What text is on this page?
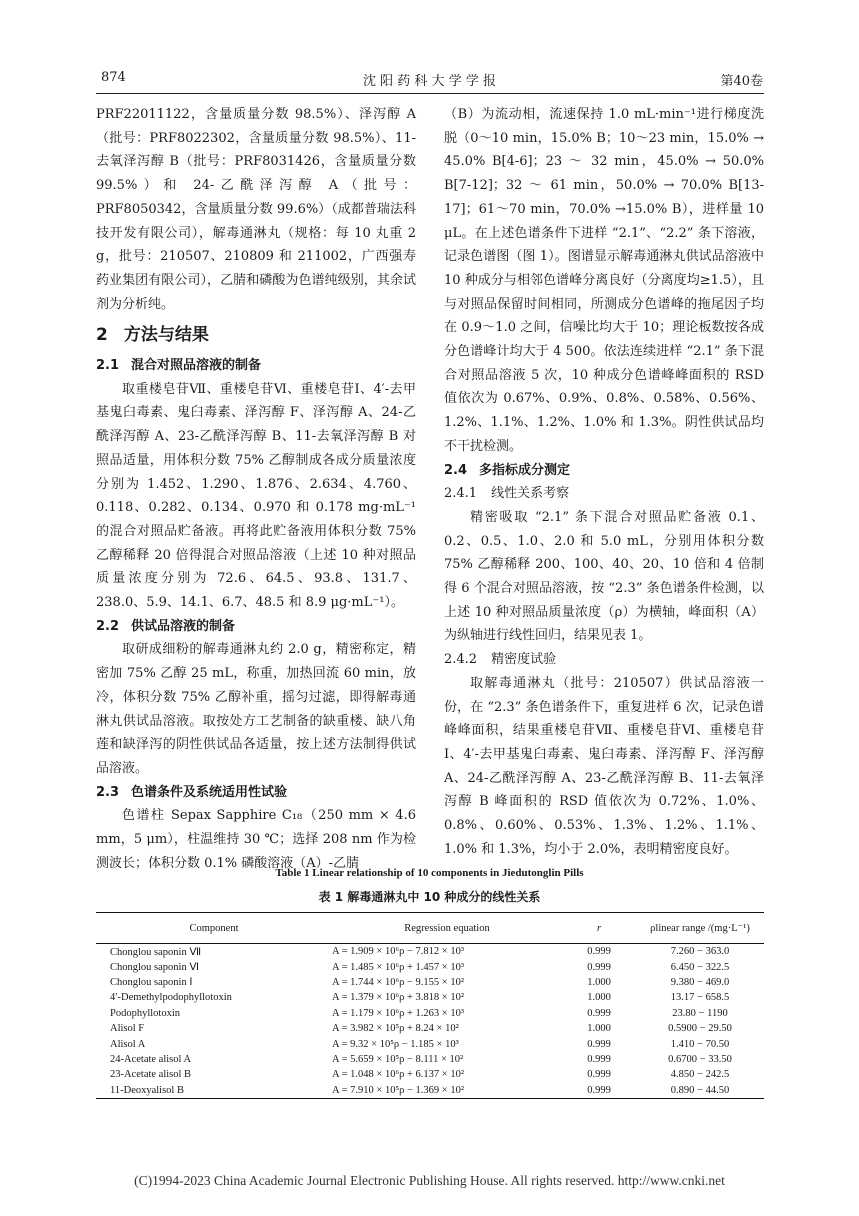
874	沈 阳 药 科 大 学 学 报	第40卷

PRF22011122，含量质量分数 98.5%）、泽泻醇 A（批号：PRF8022302，含量质量分数 98.5%）、11-去氧泽泻醇 B（批号：PRF8031426，含量质量分数 99.5%）和 24-乙酰泽泻醇 A（批号：PRF8050342，含量质量分数 99.6%）（成都普瑞法科技开发有限公司），解毒通淋丸（规格：每 10 丸重 2 g，批号：210507、210809 和 211002，广西强寿药业集团有限公司），乙腈和磷酸为色谱纯级别，其余试剂为分析纯。

2 方法与结果
2.1 混合对照品溶液的制备

取重楼皂苷Ⅶ、重楼皂苷Ⅵ、重楼皂苷Ⅰ、4′-去甲基鬼臼毒素、鬼臼毒素、泽泻醇 F、泽泻醇 A、24-乙酰泽泻醇 A、23-乙酰泽泻醇 B、11-去氧泽泻醇 B 对照品适量，用体积分数 75% 乙醇制成各成分质量浓度分别为 1.452、1.290、1.876、2.634、4.760、0.118、0.282、0.134、0.970 和 0.178 mg·mL⁻¹的混合对照品贮备液。再将此贮备液用体积分数 75% 乙醇稀释 20 倍得混合对照品溶液（上述 10 种对照品质量浓度分别为 72.6、64.5、93.8、131.7、238.0、5.9、14.1、6.7、48.5 和 8.9 μg·mL⁻¹）。

2.2 供试品溶液的制备

取研成细粉的解毒通淋丸约 2.0 g，精密称定，精密加 75% 乙醇 25 mL，称重，加热回流 60 min，放冷，体积分数 75% 乙醇补重，摇匀过滤，即得解毒通淋丸供试品溶液。取按处方工艺制备的缺重楼、缺八角莲和缺泽泻的阴性供试品各适量，按上述方法制得供试品溶液。

2.3 色谱条件及系统适用性试验

色谱柱 Sepax Sapphire C₁₈（250 mm × 4.6 mm，5 μm），柱温维持 30 ℃；选择 208 nm 作为检测波长；体积分数 0.1% 磷酸溶液（A）-乙腈

（B）为流动相，流速保持 1.0 mL·min⁻¹进行梯度洗脱（0～10 min，15.0% B；10～23 min，15.0% → 45.0% B[4-6]；23 ～ 32 min，45.0% → 50.0% B[7-12]；32 ～ 61 min，50.0% → 70.0% B[13-17]；61～70 min，70.0% →15.0% B），进样量 10 μL。在上述色谱条件下进样 “2.1”、“2.2” 条下溶液，记录色谱图（图 1）。图谱显示解毒通淋丸供试品溶液中 10 种成分与相邻色谱峰分离良好（分离度均≥1.5），且与对照品保留时间相同，所测成分色谱峰的拖尾因子均在 0.9～1.0 之间，信噪比均大于 10；理论板数按各成分色谱峰计均大于 4 500。依法连续进样 “2.1” 条下混合对照品溶液 5 次，10 种成分色谱峰峰面积的 RSD 值依次为 0.67%、0.9%、0.8%、0.58%、0.56%、1.2%、1.1%、1.2%、1.0% 和 1.3%。阴性供试品均不干扰检测。

2.4 多指标成分测定
2.4.1 线性关系考察

精密吸取 “2.1” 条下混合对照品贮备液 0.1、0.2、0.5、1.0、2.0 和 5.0 mL，分别用体积分数 75% 乙醇稀释 200、100、40、20、10 倍和 4 倍制得 6 个混合对照品溶液，按 “2.3” 条色谱条件检测，以上述 10 种对照品质量浓度（ρ）为横轴，峰面积（A）为纵轴进行线性回归，结果见表 1。

2.4.2 精密度试验

取解毒通淋丸（批号：210507）供试品溶液一份，在 “2.3” 条色谱条件下，重复进样 6 次，记录色谱峰峰面积，结果重楼皂苷Ⅶ、重楼皂苷Ⅵ、重楼皂苷Ⅰ、4′-去甲基鬼臼毒素、鬼臼毒素、泽泻醇 F、泽泻醇 A、24-乙酰泽泻醇 A、23-乙酰泽泻醇 B、11-去氧泽泻醇 B 峰面积的 RSD 值依次为 0.72%、1.0%、0.8%、0.60%、0.53%、1.3%、1.2%、1.1%、1.0% 和 1.3%，均小于 2.0%，表明精密度良好。

Table 1 Linear relationship of 10 components in Jiedutonglin Pills
表 1 解毒通淋丸中 10 种成分的线性关系
Component	Regression equation	r	ρlinear range /(mg·L⁻¹)
Chonglou saponin Ⅶ	A = 1.909 × 10⁶ρ − 7.812 × 10³	0.999	7.260 − 363.0
Chonglou saponin Ⅵ	A = 1.485 × 10⁶ρ + 1.457 × 10³	0.999	6.450 − 322.5
Chonglou saponin Ⅰ	A = 1.744 × 10⁶ρ − 9.155 × 10²	1.000	9.380 − 469.0
4′-Demethylpodophyllotoxin	A = 1.379 × 10⁶ρ + 3.818 × 10²	1.000	13.17 − 658.5
Podophyllotoxin	A = 1.179 × 10⁶ρ + 1.263 × 10³	0.999	23.80 − 1190
Alisol F	A = 3.982 × 10⁵ρ + 8.24 × 10²	1.000	0.5900 − 29.50
Alisol A	A = 9.32 × 10⁵ρ − 1.185 × 10³	0.999	1.410 − 70.50
24-Acetate alisol A	A = 5.659 × 10⁵ρ − 8.111 × 10²	0.999	0.6700 − 33.50
23-Acetate alisol B	A = 1.048 × 10⁶ρ + 6.137 × 10²	0.999	4.850 − 242.5
11-Deoxyalisol B	A = 7.910 × 10⁵ρ − 1.369 × 10²	0.999	0.890 − 44.50
(C)1994-2023 China Academic Journal Electronic Publishing House. All rights reserved. http://www.cnki.net
